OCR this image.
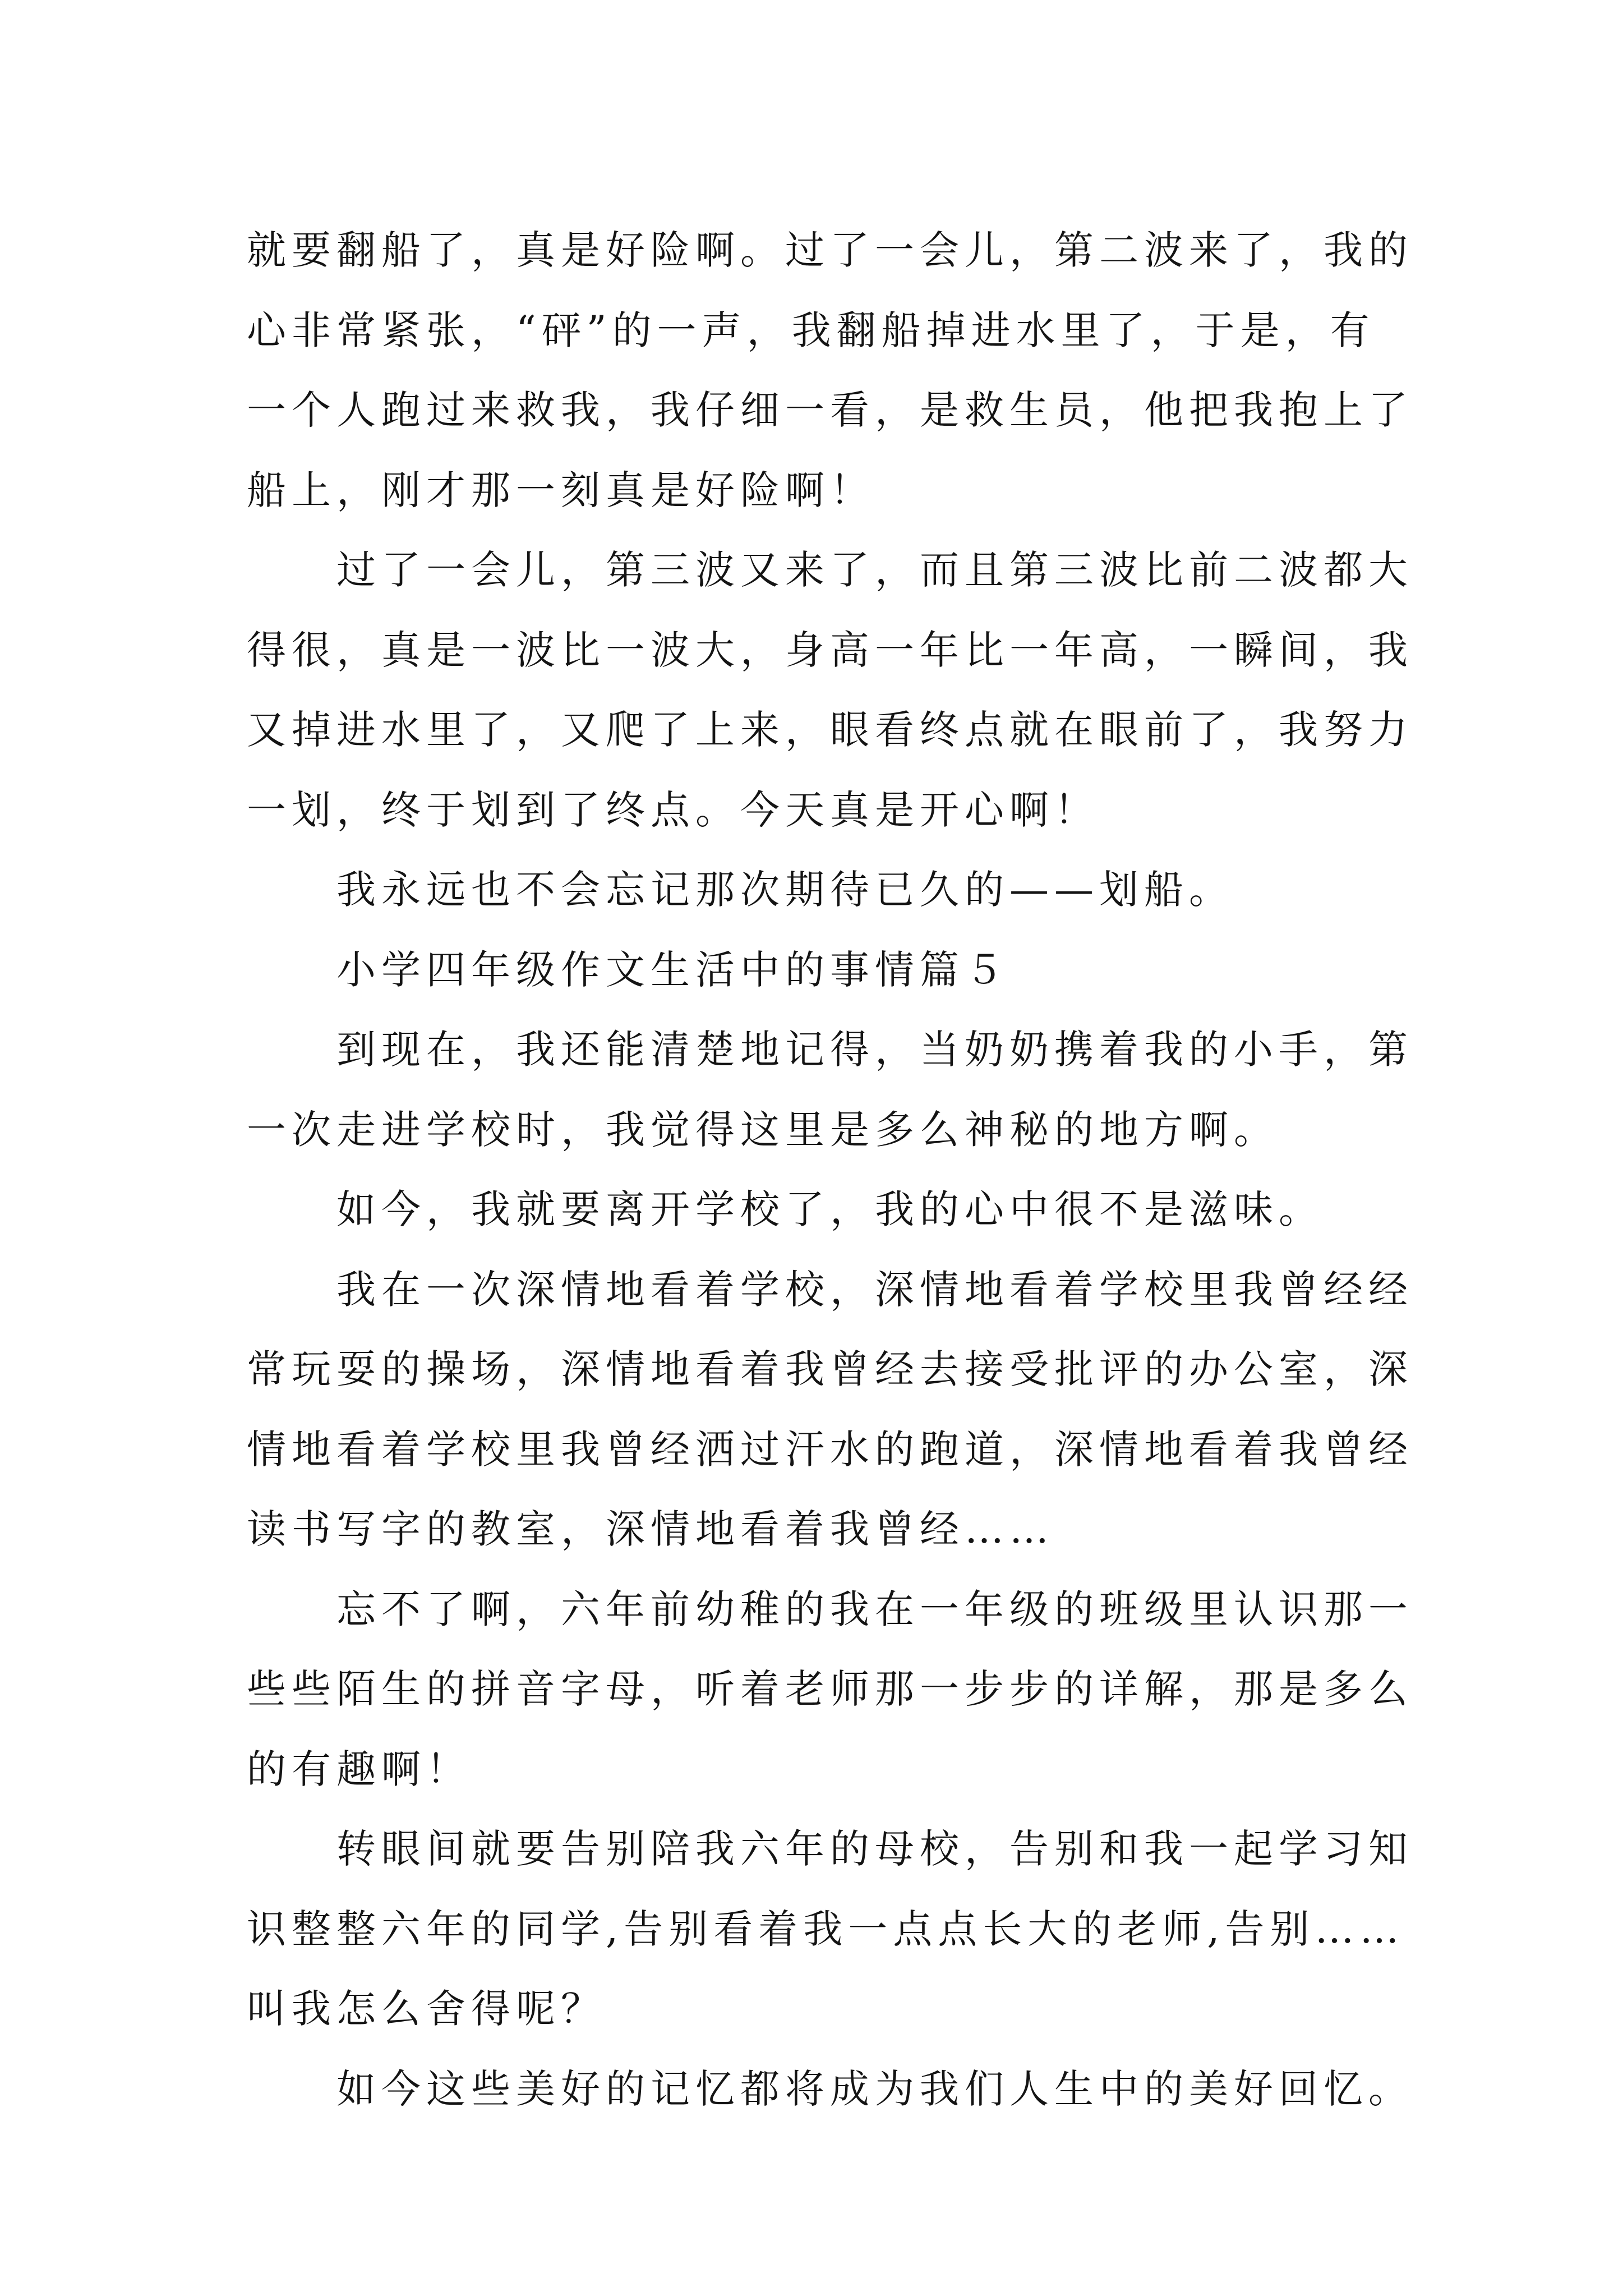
就要翻船了，真是好险啊。过了一会儿，第二波来了，我的
心非常紧张，“砰”的一声，我翻船掉进水里了，于是，有
一个人跑过来救我，我仔细一看，是救生员，他把我抱上了
船上，刚才那一刻真是好险啊！
过了一会儿，第三波又来了，而且第三波比前二波都大
得很，真是一波比一波大，身高一年比一年高，一瞬间，我
又掉进水里了，又爬了上来，眼看终点就在眼前了，我努力
一划，终于划到了终点。今天真是开心啊！
我永远也不会忘记那次期待已久的——划船。
小学四年级作文生活中的事情篇５
到现在，我还能清楚地记得，当奶奶携着我的小手，第
一次走进学校时，我觉得这里是多么神秘的地方啊。
如今，我就要离开学校了，我的心中很不是滋味。
我在一次深情地看着学校，深情地看着学校里我曾经经
常玩耍的操场，深情地看着我曾经去接受批评的办公室，深
情地看着学校里我曾经洒过汗水的跑道，深情地看着我曾经
读书写字的教室，深情地看着我曾经……
忘不了啊，六年前幼稚的我在一年级的班级里认识那一
些些陌生的拼音字母，听着老师那一步步的详解，那是多么
的有趣啊！
转眼间就要告别陪我六年的母校，告别和我一起学习知
识整整六年的同学,告别看着我一点点长大的老师,告别……
叫我怎么舍得呢？
如今这些美好的记忆都将成为我们人生中的美好回忆。
